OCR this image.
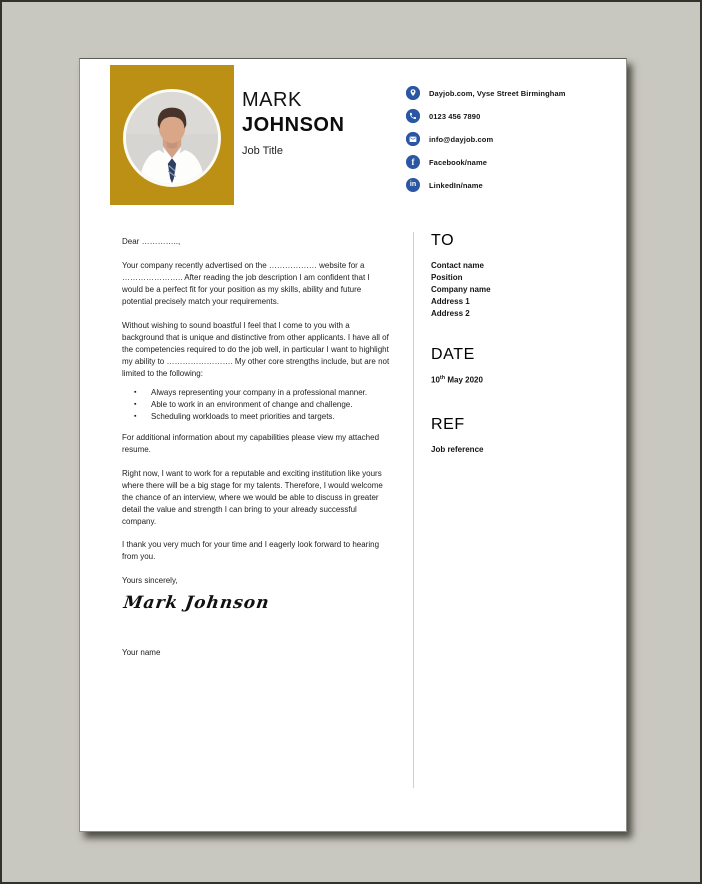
MARK
JOHNSON
Job Title
Dayjob.com, Vyse Street Birmingham
0123 456 7890
info@dayjob.com
f Facebook/name
in LinkedIn/name

Dear …………..,

Your company recently advertised on the ……………… website for a ………………….. After reading the job description I am confident that I would be a perfect fit for your position as my skills, ability and future potential precisely match your requirements.

Without wishing to sound boastful I feel that I come to you with a background that is unique and distinctive from other applicants. I have all of the competencies required to do the job well, in particular I want to highlight my ability to ……………………. My other core strengths include, but are not limited to the following:

▪ Always representing your company in a professional manner.
▪ Able to work in an environment of change and challenge.
▪ Scheduling workloads to meet priorities and targets.

For additional information about my capabilities please view my attached resume.

Right now, I want to work for a reputable and exciting institution like yours where there will be a big stage for my talents. Therefore, I would welcome the chance of an interview, where we would be able to discuss in greater detail the value and strength I can bring to your already successful company.

I thank you very much for your time and I eagerly look forward to hearing from you.

Yours sincerely,

Mark Johnson
Your name
TO
Contact name
Position
Company name
Address 1
Address 2
DATE
10th May 2020
REF
Job reference
